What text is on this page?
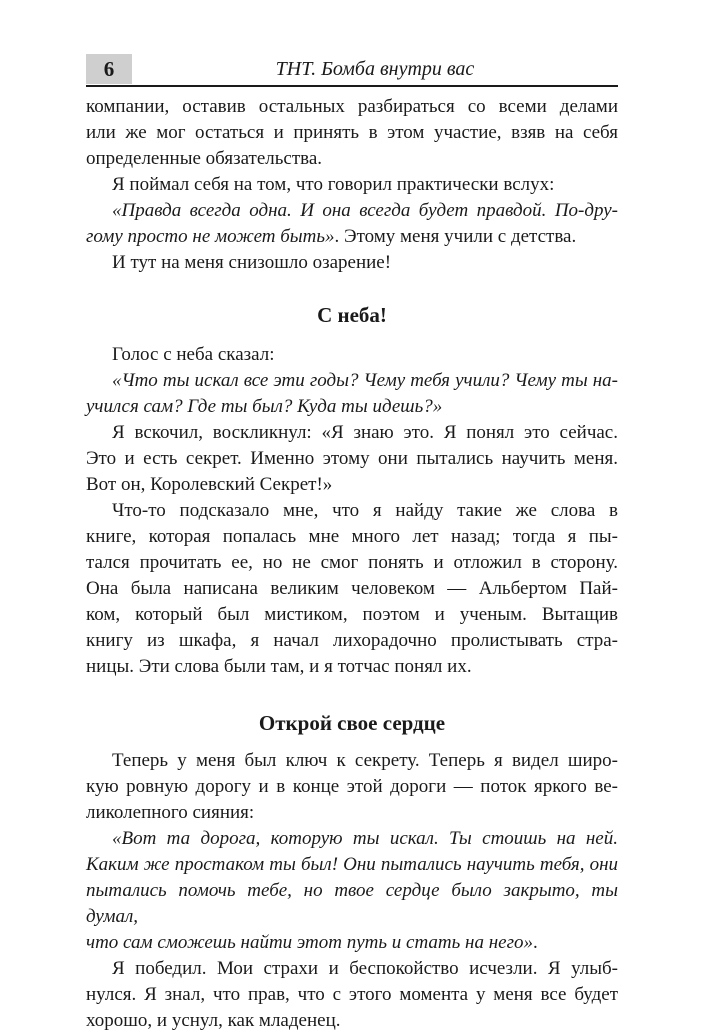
6	ТНТ. Бомба внутри вас

компании, оставив остальных разбираться со всеми делами
или же мог остаться и принять в этом участие, взяв на себя
определенные обязательства.

Я поймал себя на том, что говорил практически вслух:

«Правда всегда одна. И она всегда будет правдой. По-дру-
гому просто не может быть». Этому меня учили с детства.

И тут на меня снизошло озарение!

С неба!

Голос с неба сказал:

«Что ты искал все эти годы? Чему тебя учили? Чему ты на-
учился сам? Где ты был? Куда ты идешь?»

Я вскочил, воскликнул: «Я знаю это. Я понял это сейчас.
Это и есть секрет. Именно этому они пытались научить меня.
Вот он, Королевский Секрет!»

Что-то подсказало мне, что я найду такие же слова в
книге, которая попалась мне много лет назад; тогда я пы-
тался прочитать ее, но не смог понять и отложил в сторону.
Она была написана великим человеком — Альбертом Пай-
ком, который был мистиком, поэтом и ученым. Вытащив
книгу из шкафа, я начал лихорадочно пролистывать стра-
ницы. Эти слова были там, и я тотчас понял их.

Открой свое сердце

Теперь у меня был ключ к секрету. Теперь я видел широ-
кую ровную дорогу и в конце этой дороги — поток яркого ве-
ликолепного сияния:

«Вот та дорога, которую ты искал. Ты стоишь на ней.
Каким же простаком ты был! Они пытались научить тебя, они
пытались помочь тебе, но твое сердце было закрыто, ты думал,
что сам сможешь найти этот путь и стать на него».

Я победил. Мои страхи и беспокойство исчезли. Я улыб-
нулся. Я знал, что прав, что с этого момента у меня все будет
хорошо, и уснул, как младенец.
